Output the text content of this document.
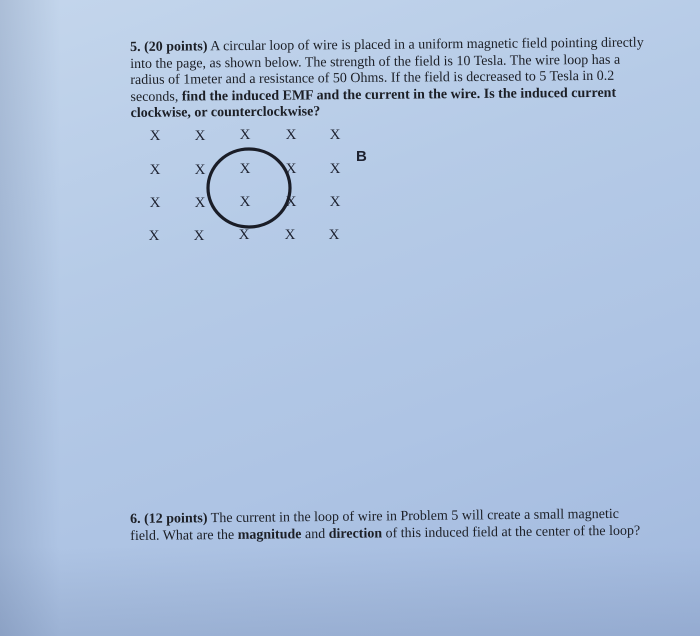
5. (20 points) A circular loop of wire is placed in a uniform magnetic field pointing directly into the page, as shown below. The strength of the field is 10 Tesla. The wire loop has a radius of 1meter and a resistance of 50 Ohms. If the field is decreased to 5 Tesla in 0.2 seconds, find the induced EMF and the current in the wire. Is the induced current clockwise, or counterclockwise?
X X X X X
X X X X X
X X X X X
X X X X X
B
6. (12 points) The current in the loop of wire in Problem 5 will create a small magnetic field. What are the magnitude and direction of this induced field at the center of the loop?
